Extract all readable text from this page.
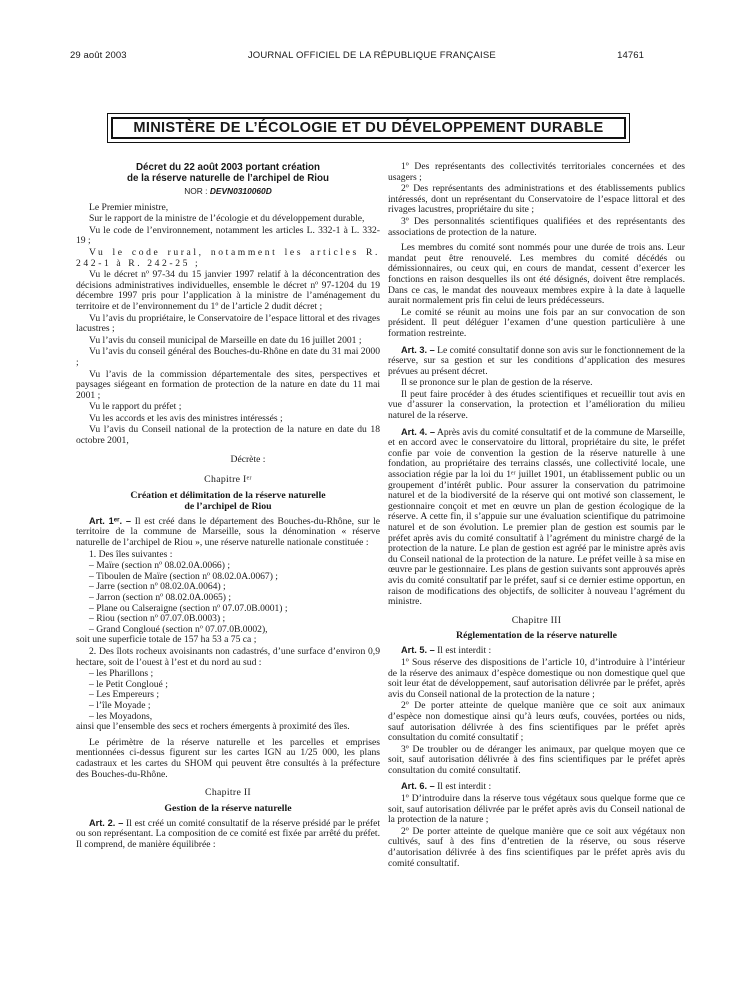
29 août 2003	JOURNAL OFFICIEL DE LA RÉPUBLIQUE FRANÇAISE	14761
MINISTÈRE DE L’ÉCOLOGIE ET DU DÉVELOPPEMENT DURABLE
Décret du 22 août 2003 portant création
de la réserve naturelle de l’archipel de Riou
NOR : DEVN0310060D

Le Premier ministre,

Sur le rapport de la ministre de l’écologie et du développement durable,

Vu le code de l’environnement, notamment les articles L. 332-1 à L. 332-19 ;

Vu le code rural, notamment les articles R. 242-1 à R. 242-25 ;

Vu le décret nº 97-34 du 15 janvier 1997 relatif à la déconcentration des décisions administratives individuelles, ensemble le décret nº 97-1204 du 19 décembre 1997 pris pour l’application à la ministre de l’aménagement du territoire et de l’environnement du 1º de l’article 2 dudit décret ;

Vu l’avis du propriétaire, le Conservatoire de l’espace littoral et des rivages lacustres ;

Vu l’avis du conseil municipal de Marseille en date du 16 juillet 2001 ;

Vu l’avis du conseil général des Bouches-du-Rhône en date du 31 mai 2000 ;

Vu l’avis de la commission départementale des sites, perspectives et paysages siégeant en formation de protection de la nature en date du 11 mai 2001 ;

Vu le rapport du préfet ;

Vu les accords et les avis des ministres intéressés ;

Vu l’avis du Conseil national de la protection de la nature en date du 18 octobre 2001,

Décrète :
Chapitre Iᵉʳ
Création et délimitation de la réserve naturelle
de l’archipel de Riou

Art. 1ᵉʳ. – Il est créé dans le département des Bouches-du-Rhône, sur le territoire de la commune de Marseille, sous la dénomination « réserve naturelle de l’archipel de Riou », une réserve naturelle nationale constituée :

1. Des îles suivantes :

– Maïre (section nº 08.02.0A.0066) ;

– Tiboulen de Maïre (section nº 08.02.0A.0067) ;

– Jarre (section nº 08.02.0A.0064) ;

– Jarron (section nº 08.02.0A.0065) ;

– Plane ou Calseraigne (section nº 07.07.0B.0001) ;

– Riou (section nº 07.07.0B.0003) ;

– Grand Congloué (section nº 07.07.0B.0002),

soit une superficie totale de 157 ha 53 a 75 ca ;

2. Des îlots rocheux avoisinants non cadastrés, d’une surface d’environ 0,9 hectare, soit de l’ouest à l’est et du nord au sud :

– les Pharillons ;

– le Petit Congloué ;

– Les Empereurs ;

– l’île Moyade ;

– les Moyadons,

ainsi que l’ensemble des secs et rochers émergents à proximité des îles.

Le périmètre de la réserve naturelle et les parcelles et emprises mentionnées ci-dessus figurent sur les cartes IGN au 1/25 000, les plans cadastraux et les cartes du SHOM qui peuvent être consultés à la préfecture des Bouches-du-Rhône.

Chapitre II
Gestion de la réserve naturelle

Art. 2. – Il est créé un comité consultatif de la réserve présidé par le préfet ou son représentant. La composition de ce comité est fixée par arrêté du préfet. Il comprend, de manière équilibrée :

1º Des représentants des collectivités territoriales concernées et des usagers ;

2º Des représentants des administrations et des établissements publics intéressés, dont un représentant du Conservatoire de l’espace littoral et des rivages lacustres, propriétaire du site ;

3º Des personnalités scientifiques qualifiées et des représentants des associations de protection de la nature.

Les membres du comité sont nommés pour une durée de trois ans. Leur mandat peut être renouvelé. Les membres du comité décédés ou démissionnaires, ou ceux qui, en cours de mandat, cessent d’exercer les fonctions en raison desquelles ils ont été désignés, doivent être remplacés. Dans ce cas, le mandat des nouveaux membres expire à la date à laquelle aurait normalement pris fin celui de leurs prédécesseurs.

Le comité se réunit au moins une fois par an sur convocation de son président. Il peut déléguer l’examen d’une question particulière à une formation restreinte.

Art. 3. – Le comité consultatif donne son avis sur le fonctionnement de la réserve, sur sa gestion et sur les conditions d’application des mesures prévues au présent décret.

Il se prononce sur le plan de gestion de la réserve.

Il peut faire procéder à des études scientifiques et recueillir tout avis en vue d’assurer la conservation, la protection et l’amélioration du milieu naturel de la réserve.

Art. 4. – Après avis du comité consultatif et de la commune de Marseille, et en accord avec le conservatoire du littoral, propriétaire du site, le préfet confie par voie de convention la gestion de la réserve naturelle à une fondation, au propriétaire des terrains classés, une collectivité locale, une association régie par la loi du 1ᵉʳ juillet 1901, un établissement public ou un groupement d’intérêt public. Pour assurer la conservation du patrimoine naturel et de la biodiversité de la réserve qui ont motivé son classement, le gestionnaire conçoit et met en œuvre un plan de gestion écologique de la réserve. A cette fin, il s’appuie sur une évaluation scientifique du patrimoine naturel et de son évolution. Le premier plan de gestion est soumis par le préfet après avis du comité consultatif à l’agrément du ministre chargé de la protection de la nature. Le plan de gestion est agréé par le ministre après avis du Conseil national de la protection de la nature. Le préfet veille à sa mise en œuvre par le gestionnaire. Les plans de gestion suivants sont approuvés après avis du comité consultatif par le préfet, sauf si ce dernier estime opportun, en raison de modifications des objectifs, de solliciter à nouveau l’agrément du ministre.

Chapitre III
Réglementation de la réserve naturelle

Art. 5. – Il est interdit :

1º Sous réserve des dispositions de l’article 10, d’introduire à l’intérieur de la réserve des animaux d’espèce domestique ou non domestique quel que soit leur état de développement, sauf autorisation délivrée par le préfet, après avis du Conseil national de la protection de la nature ;

2º De porter atteinte de quelque manière que ce soit aux animaux d’espèce non domestique ainsi qu’à leurs œufs, couvées, portées ou nids, sauf autorisation délivrée à des fins scientifiques par le préfet après consultation du comité consultatif ;

3º De troubler ou de déranger les animaux, par quelque moyen que ce soit, sauf autorisation délivrée à des fins scientifiques par le préfet après consultation du comité consultatif.

Art. 6. – Il est interdit :

1º D’introduire dans la réserve tous végétaux sous quelque forme que ce soit, sauf autorisation délivrée par le préfet après avis du Conseil national de la protection de la nature ;

2º De porter atteinte de quelque manière que ce soit aux végétaux non cultivés, sauf à des fins d’entretien de la réserve, ou sous réserve d’autorisation délivrée à des fins scientifiques par le préfet après avis du comité consultatif.
